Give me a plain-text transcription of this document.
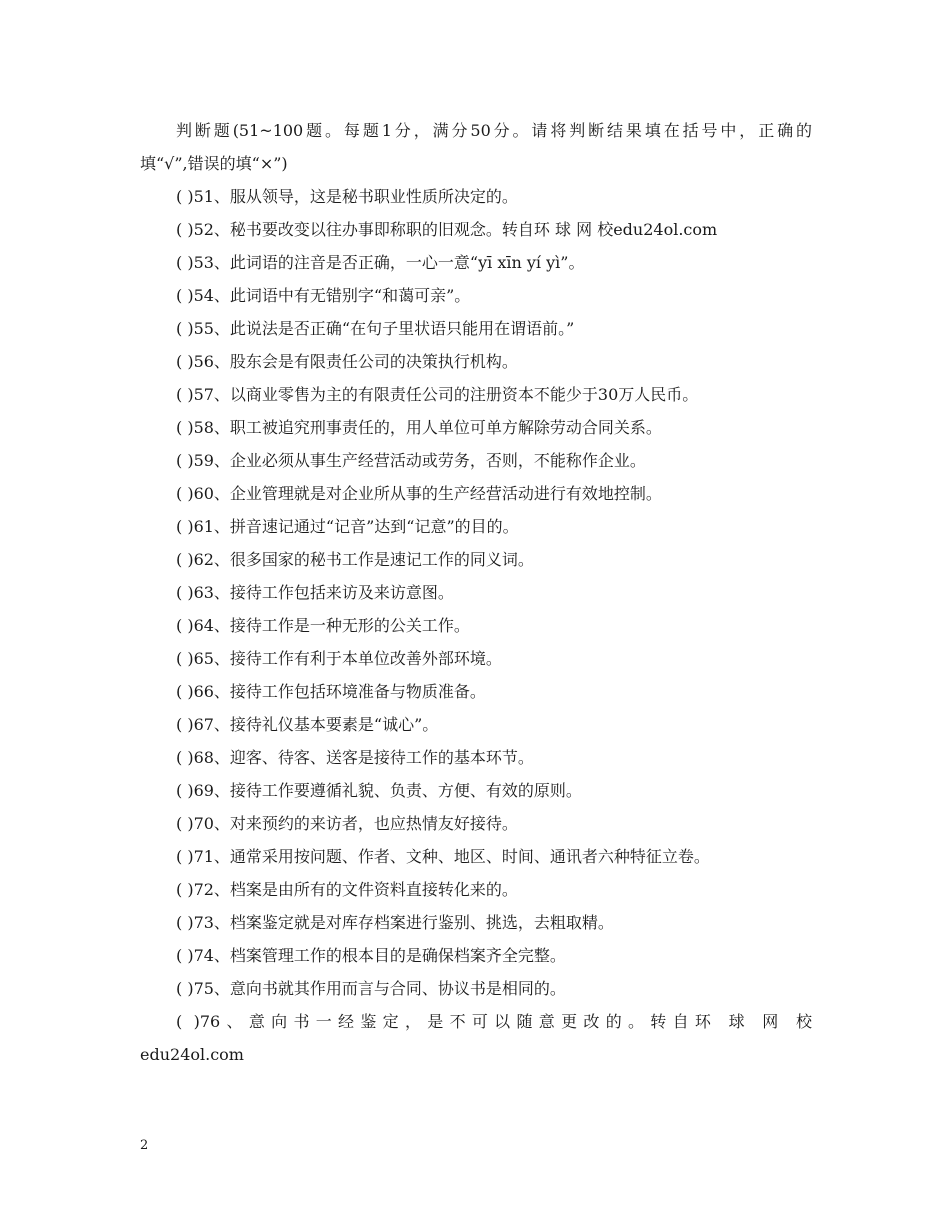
判断题(51~100题。每题1分，满分50分。请将判断结果填在括号中，正确的
填“√”,错误的填“×”)
( )51、服从领导，这是秘书职业性质所决定的。
( )52、秘书要改变以往办事即称职的旧观念。转自环 球 网 校edu24ol.com
( )53、此词语的注音是否正确，一心一意“yī xīn yí yì”。
( )54、此词语中有无错别字“和蔼可亲”。
( )55、此说法是否正确“在句子里状语只能用在谓语前。”
( )56、股东会是有限责任公司的决策执行机构。
( )57、以商业零售为主的有限责任公司的注册资本不能少于30万人民币。
( )58、职工被追究刑事责任的，用人单位可单方解除劳动合同关系。
( )59、企业必须从事生产经营活动或劳务，否则，不能称作企业。
( )60、企业管理就是对企业所从事的生产经营活动进行有效地控制。
( )61、拼音速记通过“记音”达到“记意”的目的。
( )62、很多国家的秘书工作是速记工作的同义词。
( )63、接待工作包括来访及来访意图。
( )64、接待工作是一种无形的公关工作。
( )65、接待工作有利于本单位改善外部环境。
( )66、接待工作包括环境准备与物质准备。
( )67、接待礼仪基本要素是“诚心”。
( )68、迎客、待客、送客是接待工作的基本环节。
( )69、接待工作要遵循礼貌、负责、方便、有效的原则。
( )70、对来预约的来访者，也应热情友好接待。
( )71、通常采用按问题、作者、文种、地区、时间、通讯者六种特征立卷。
( )72、档案是由所有的文件资料直接转化来的。
( )73、档案鉴定就是对库存档案进行鉴别、挑选，去粗取精。
( )74、档案管理工作的根本目的是确保档案齐全完整。
( )75、意向书就其作用而言与合同、协议书是相同的。
( )76、意向书一经鉴定，是不可以随意更改的。转自环 球 网 校
edu24ol.com
2
